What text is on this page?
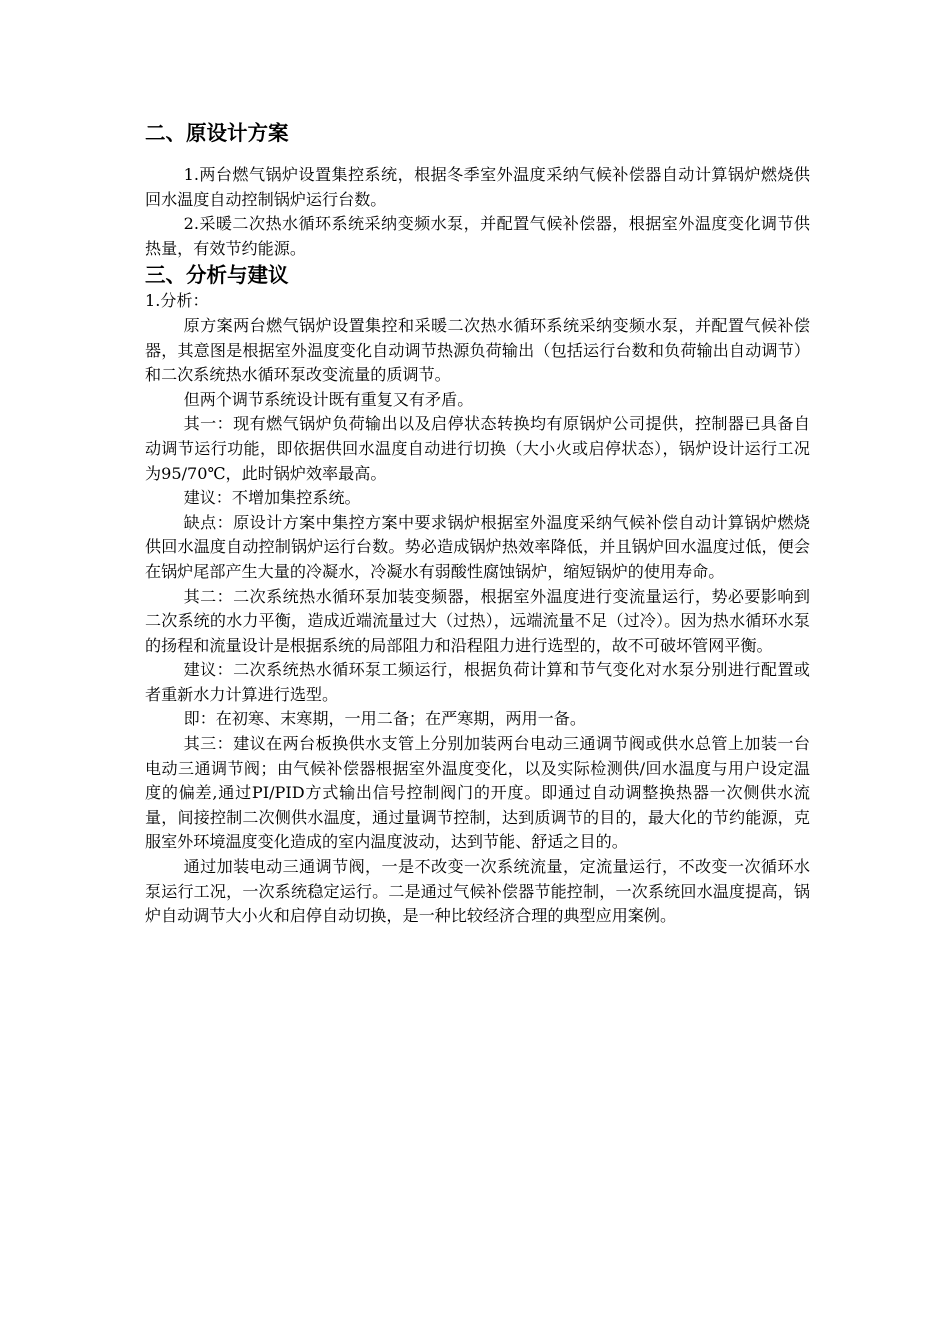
二、原设计方案

1.两台燃气锅炉设置集控系统，根据冬季室外温度采纳气候补偿器自动计算锅炉燃烧供回水温度自动控制锅炉运行台数。

2.采暖二次热水循环系统采纳变频水泵，并配置气候补偿器，根据室外温度变化调节供热量，有效节约能源。

三、分析与建议

1.分析：

原方案两台燃气锅炉设置集控和采暖二次热水循环系统采纳变频水泵，并配置气候补偿器，其意图是根据室外温度变化自动调节热源负荷输出（包括运行台数和负荷输出自动调节）和二次系统热水循环泵改变流量的质调节。

但两个调节系统设计既有重复又有矛盾。

其一：现有燃气锅炉负荷输出以及启停状态转换均有原锅炉公司提供，控制器已具备自动调节运行功能，即依据供回水温度自动进行切换（大小火或启停状态），锅炉设计运行工况为95/70℃，此时锅炉效率最高。

建议：不增加集控系统。

缺点：原设计方案中集控方案中要求锅炉根据室外温度采纳气候补偿自动计算锅炉燃烧供回水温度自动控制锅炉运行台数。势必造成锅炉热效率降低，并且锅炉回水温度过低，便会在锅炉尾部产生大量的冷凝水，冷凝水有弱酸性腐蚀锅炉，缩短锅炉的使用寿命。

其二：二次系统热水循环泵加装变频器，根据室外温度进行变流量运行，势必要影响到二次系统的水力平衡，造成近端流量过大（过热），远端流量不足（过冷）。因为热水循环水泵的扬程和流量设计是根据系统的局部阻力和沿程阻力进行选型的，故不可破坏管网平衡。

建议：二次系统热水循环泵工频运行，根据负荷计算和节气变化对水泵分别进行配置或者重新水力计算进行选型。

即：在初寒、末寒期，一用二备；在严寒期，两用一备。

其三：建议在两台板换供水支管上分别加装两台电动三通调节阀或供水总管上加装一台电动三通调节阀；由气候补偿器根据室外温度变化，以及实际检测供/回水温度与用户设定温度的偏差,通过PI/PID方式输出信号控制阀门的开度。即通过自动调整换热器一次侧供水流量，间接控制二次侧供水温度，通过量调节控制，达到质调节的目的，最大化的节约能源，克服室外环境温度变化造成的室内温度波动，达到节能、舒适之目的。

通过加装电动三通调节阀，一是不改变一次系统流量，定流量运行，不改变一次循环水泵运行工况，一次系统稳定运行。二是通过气候补偿器节能控制，一次系统回水温度提高，锅炉自动调节大小火和启停自动切换，是一种比较经济合理的典型应用案例。
